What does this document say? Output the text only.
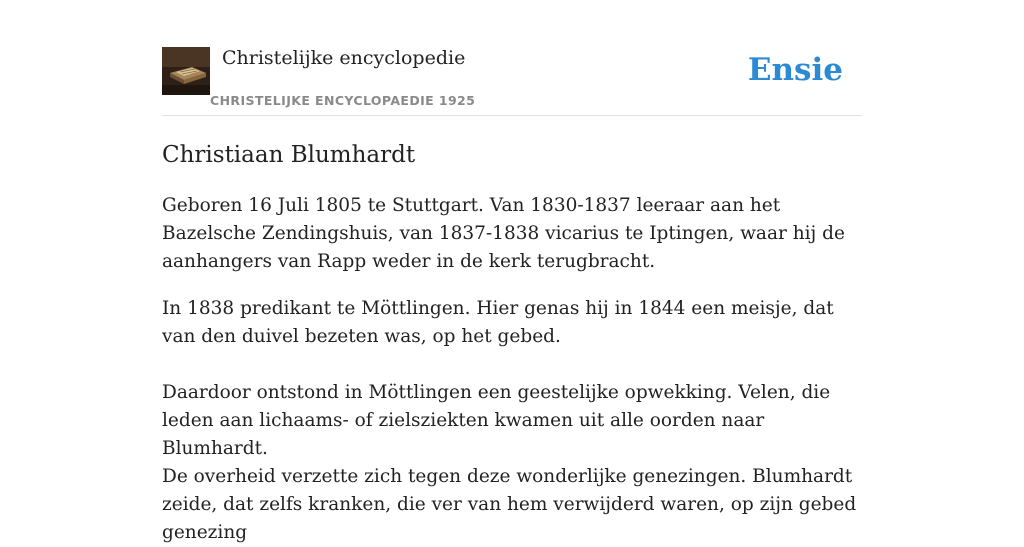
Christelijke encyclopedie
CHRISTELIJKE ENCYCLOPAEDIE 1925
Ensie
Christiaan Blumhardt

Geboren 16 Juli 1805 te Stuttgart. Van 1830-1837 leeraar aan het Bazelsche Zendingshuis, van 1837-1838 vicarius te Iptingen, waar hij de aanhangers van Rapp weder in de kerk terugbracht.

In 1838 predikant te Möttlingen. Hier genas hij in 1844 een meisje, dat van den duivel bezeten was, op het gebed.

Daardoor ontstond in Möttlingen een geestelijke opwekking. Velen, die leden aan lichaams- of zielsziekten kwamen uit alle oorden naar Blumhardt.

De overheid verzette zich tegen deze wonderlijke genezingen. Blumhardt zeide, dat zelfs kranken, die ver van hem verwijderd waren, op zijn gebed genezing
